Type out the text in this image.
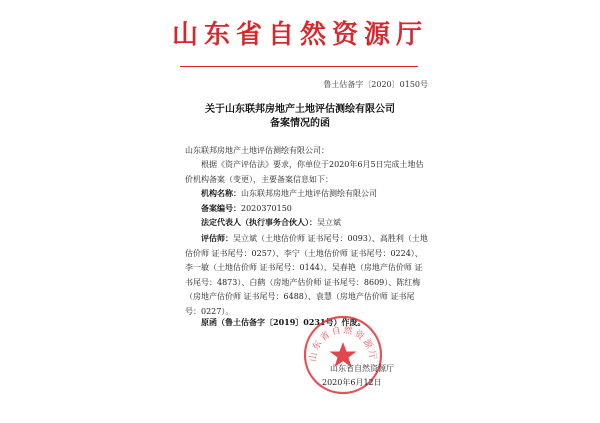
山东省自然资源厅
鲁土估备字〔2020〕0150号
关于山东联邦房地产土地评估测绘有限公司
备案情况的函
山东联邦房地产土地评估测绘有限公司：
根据《资产评估法》要求，你单位于2020年6月5日完成土地估价机构备案（变更），主要备案信息如下：
机构名称：山东联邦房地产土地评估测绘有限公司
备案编号：2020370150
法定代表人（执行事务合伙人）：吴立斌
评估师：吴立斌（土地估价师 证书尾号：0093）、高胜利（土地估价师 证书尾号：0257）、李宁（土地估价师 证书尾号：0224）、李一敏（土地估价师 证书尾号：0144）、吴春艳（房地产估价师 证书尾号：4873）、白鹤（房地产估价师 证书尾号：8609）、陈红梅（房地产估价师 证书尾号：6488）、袁慧（房地产估价师 证书尾号：0227）。
原函（鲁土估备字〔2019〕0231号）作废。
山东省自然资源厅
山东省自然资源厅
2020年6月12日
